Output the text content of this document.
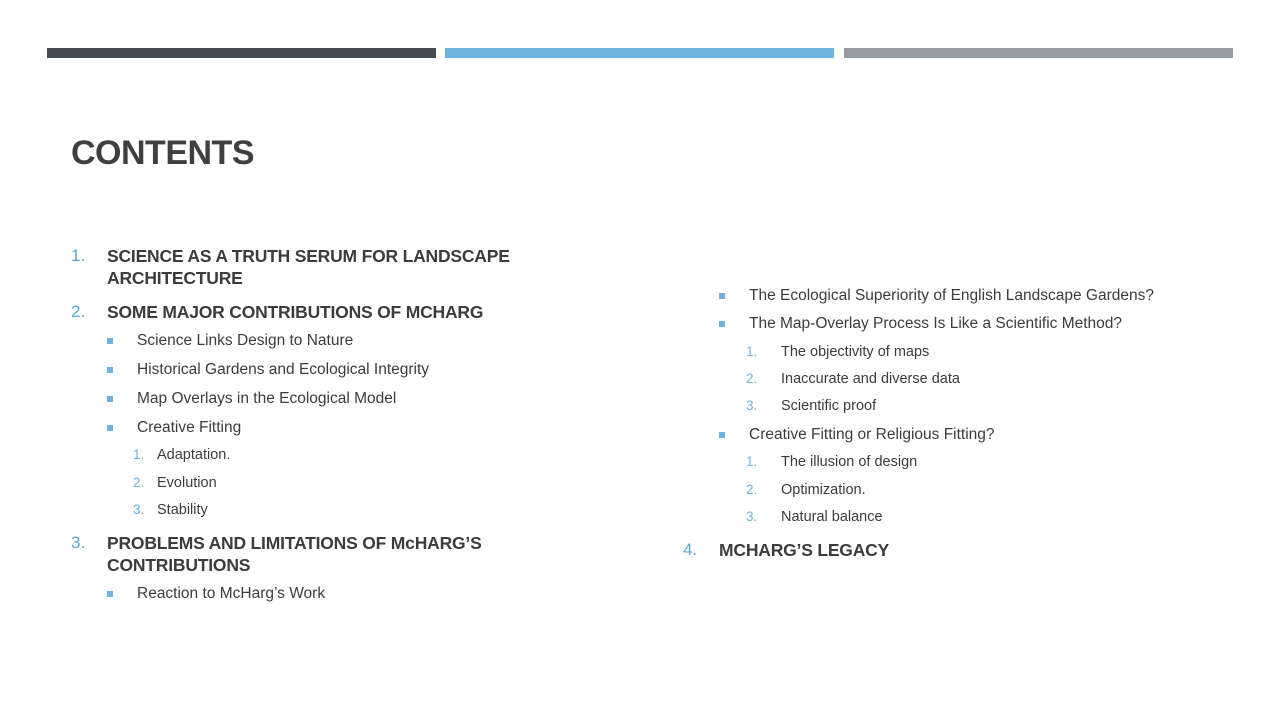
CONTENTS
1. SCIENCE AS A TRUTH SERUM FOR LANDSCAPE ARCHITECTURE
2. SOME MAJOR CONTRIBUTIONS OF MCHARG
Science Links Design to Nature
Historical Gardens and Ecological Integrity
Map Overlays in the Ecological Model
Creative Fitting
1. Adaptation.
2. Evolution
3. Stability
3. PROBLEMS AND LIMITATIONS OF McHARG’S CONTRIBUTIONS
Reaction to McHarg’s Work
The Ecological Superiority of English Landscape Gardens?
The Map-Overlay Process Is Like a Scientific Method?
1. The objectivity of maps
2. Inaccurate and diverse data
3. Scientific proof
Creative Fitting or Religious Fitting?
1. The illusion of design
2. Optimization.
3. Natural balance
4. MCHARG’S LEGACY
